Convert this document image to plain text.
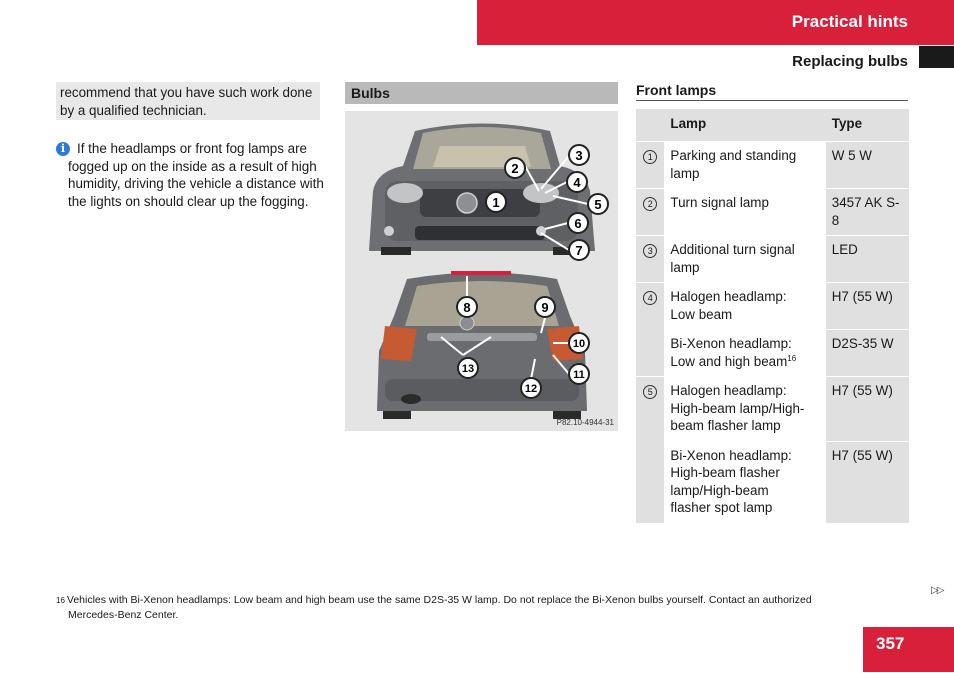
Practical hints
Replacing bulbs
recommend that you have such work done by a qualified technician.
i If the headlamps or front fog lamps are
fogged up on the inside as a result of high
humidity, driving the vehicle a distance with
the lights on should clear up the fogging.
Bulbs
1
2
3
4
5
6
7
8	9
10
11
12
13
P82.10-4944-31
Front lamps
	Lamp	Type
1	Parking and standing
lamp	W 5 W
2	Turn signal lamp	3457 AK S-8
3	Additional turn signal
lamp	LED
4	Halogen headlamp:
Low beam	H7 (55 W)

	Bi-Xenon headlamp:
Low and high beam$^{16}$	D2S-35 W
5	Halogen headlamp:
High-beam lamp/High-
beam flasher lamp	H7 (55 W)

	Bi-Xenon headlamp:
High-beam flasher
lamp/High-beam
flasher spot lamp	H7 (55 W)
$^{16}$ Vehicles with Bi-Xenon headlamps: Low beam and high beam use the same D2S-35 W lamp. Do not replace the Bi-Xenon bulbs yourself. Contact an authorized
Mercedes-Benz Center.
▷▷
357
